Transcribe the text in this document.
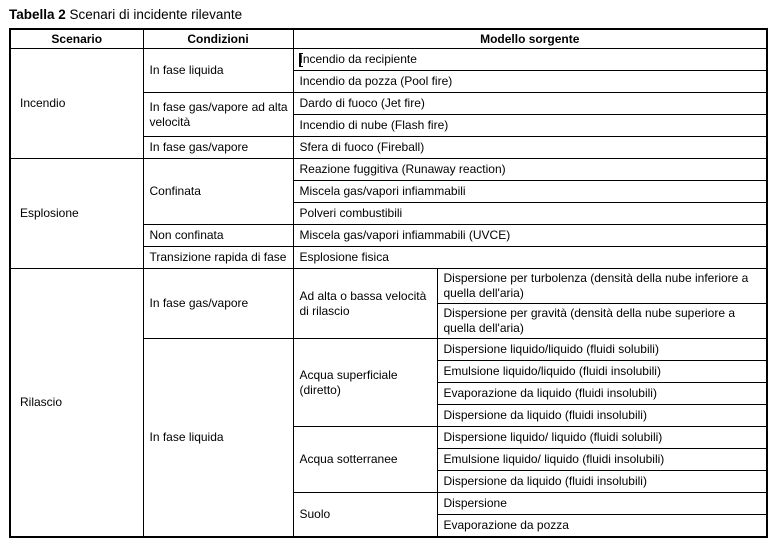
Tabella 2 Scenari di incidente rilevante

Scenario	Condizioni	Modello sorgente	
Incendio	In fase liquida	Incendio da recipiente	
		Incendio da pozza (Pool fire)	
	In fase gas/vapore ad alta velocità	Dardo di fuoco (Jet fire)	
		Incendio di nube (Flash fire)	
	In fase gas/vapore	Sfera di fuoco (Fireball)	
Esplosione	Confinata	Reazione fuggitiva (Runaway reaction)	
		Miscela gas/vapori infiammabili	
		Polveri combustibili	
	Non confinata	Miscela gas/vapori infiammabili (UVCE)	
	Transizione rapida di fase	Esplosione fisica	
Rilascio	In fase gas/vapore	Ad alta o bassa velocità di rilascio	Dispersione per turbolenza (densità della nube inferiore a quella dell'aria)
			Dispersione per gravità (densità della nube superiore a quella dell'aria)
	In fase liquida	Acqua superficiale (diretto)	Dispersione liquido/liquido (fluidi solubili)
			Emulsione liquido/liquido (fluidi insolubili)
			Evaporazione da liquido (fluidi insolubili)
			Dispersione da liquido (fluidi insolubili)
		Acqua sotterranee	Dispersione liquido/ liquido (fluidi solubili)
			Emulsione liquido/ liquido (fluidi insolubili)
			Dispersione da liquido (fluidi insolubili)
		Suolo	Dispersione
			Evaporazione da pozza
